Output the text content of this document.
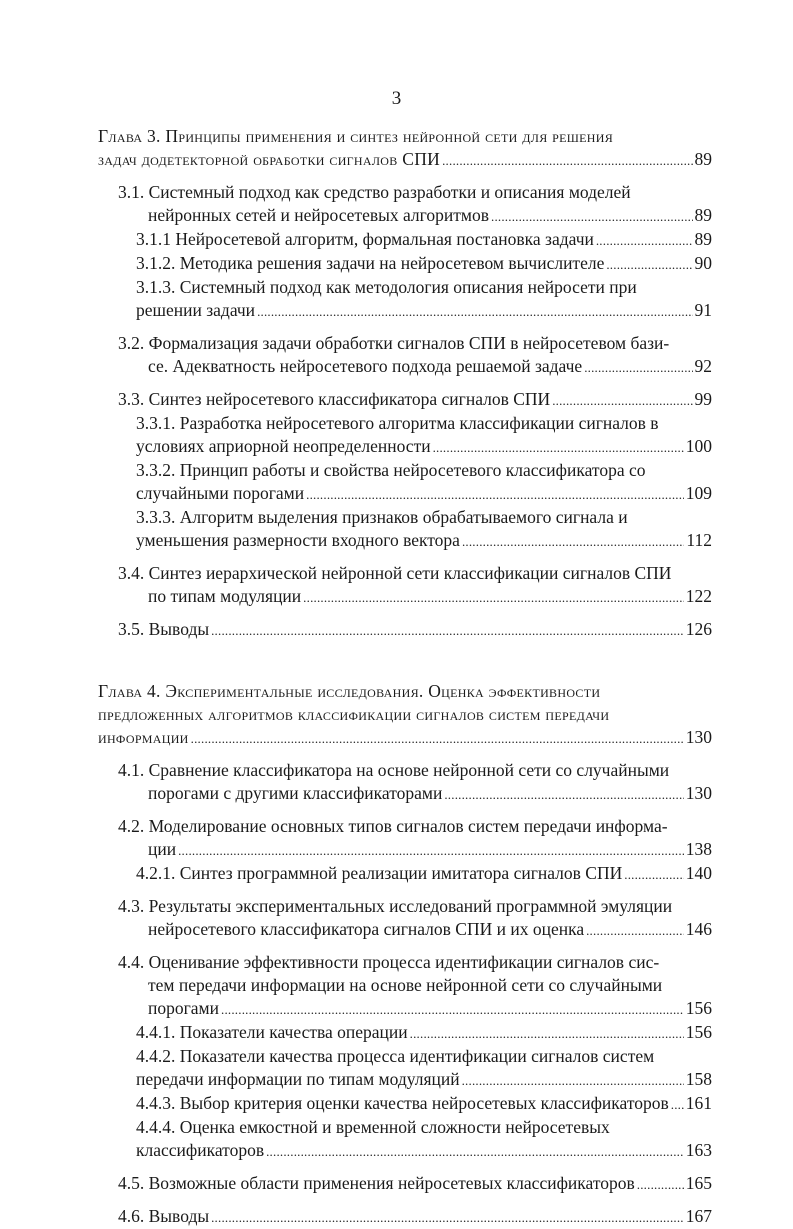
3
Глава 3. Принципы применения и синтез нейронной сети для решения
задач додетекторной обработки сигналов СПИ .....	89
3.1. Системный подход как средство разработки и описания моделей
нейронных сетей и нейросетевых алгоритмов .....	89
3.1.1 Нейросетевой алгоритм, формальная постановка задачи .....	89
3.1.2. Методика решения задачи на нейросетевом вычислителе .....	90
3.1.3. Системный подход как методология описания нейросети при
решении задачи .....	91
3.2. Формализация задачи обработки сигналов СПИ в нейросетевом бази-
се. Адекватность нейросетевого подхода решаемой задаче .....	92
3.3. Синтез нейросетевого классификатора сигналов СПИ .....	99
3.3.1. Разработка нейросетевого алгоритма классификации сигналов в
условиях априорной неопределенности .....	100
3.3.2. Принцип работы и свойства нейросетевого классификатора со
случайными порогами .....	109
3.3.3. Алгоритм выделения признаков обрабатываемого сигнала и
уменьшения размерности входного вектора .....	112
3.4. Синтез иерархической нейронной сети классификации сигналов СПИ
по типам модуляции .....	122
3.5. Выводы .....	126
Глава 4. Экспериментальные исследования. Оценка эффективности
предложенных алгоритмов классификации сигналов систем передачи
информации .....	130
4.1. Сравнение классификатора на основе нейронной сети со случайными
порогами с другими классификаторами .....	130
4.2. Моделирование основных типов сигналов систем передачи информа-
ции .....	138
4.2.1. Синтез программной реализации имитатора сигналов СПИ .....	140
4.3. Результаты экспериментальных исследований программной эмуляции
нейросетевого классификатора сигналов СПИ и их оценка .....	146
4.4. Оценивание эффективности процесса идентификации сигналов сис-
тем передачи информации на основе нейронной сети со случайными
порогами .....	156
4.4.1. Показатели качества операции .....	156
4.4.2. Показатели качества процесса идентификации сигналов систем
передачи информации по типам модуляций .....	158
4.4.3. Выбор критерия оценки качества нейросетевых классификаторов ..... 161
4.4.4. Оценка емкостной и временной сложности нейросетевых
классификаторов .....	163
4.5. Возможные области применения нейросетевых классификаторов .....	165
4.6. Выводы .....	167
